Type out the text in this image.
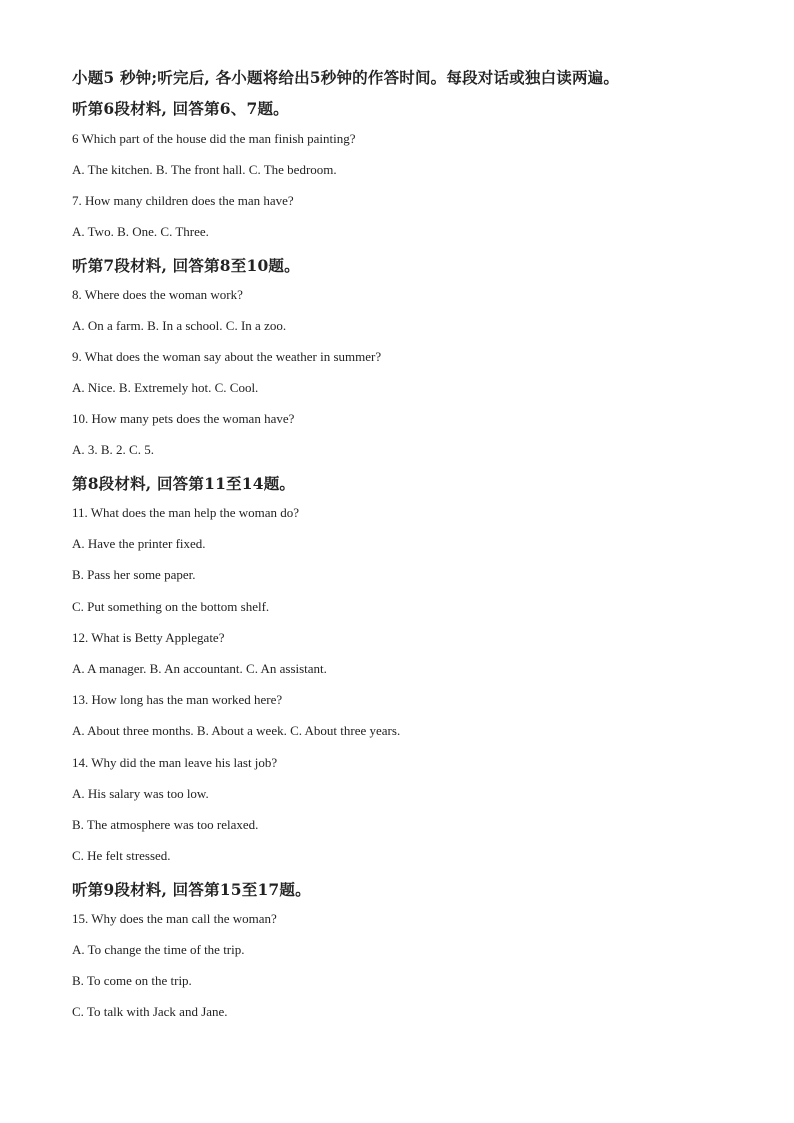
小题5 秒钟;听完后, 各小题将给出5秒钟的作答时间。每段对话或独白读两遍。
听第6段材料, 回答第6、7题。
6 Which part of the house did the man finish painting?
A. The kitchen. B. The front hall. C. The bedroom.
7. How many children does the man have?
A. Two. B. One. C. Three.
听第7段材料, 回答第8至10题。
8. Where does the woman work?
A. On a farm. B. In a school. C. In a zoo.
9. What does the woman say about the weather in summer?
A. Nice. B. Extremely hot. C. Cool.
10. How many pets does the woman have?
A. 3. B. 2. C. 5.
第8段材料, 回答第11至14题。
11. What does the man help the woman do?
A. Have the printer fixed.
B. Pass her some paper.
C. Put something on the bottom shelf.
12. What is Betty Applegate?
A. A manager. B. An accountant. C. An assistant.
13. How long has the man worked here?
A. About three months. B. About a week. C. About three years.
14. Why did the man leave his last job?
A. His salary was too low.
B. The atmosphere was too relaxed.
C. He felt stressed.
听第9段材料, 回答第15至17题。
15. Why does the man call the woman?
A. To change the time of the trip.
B. To come on the trip.
C. To talk with Jack and Jane.
